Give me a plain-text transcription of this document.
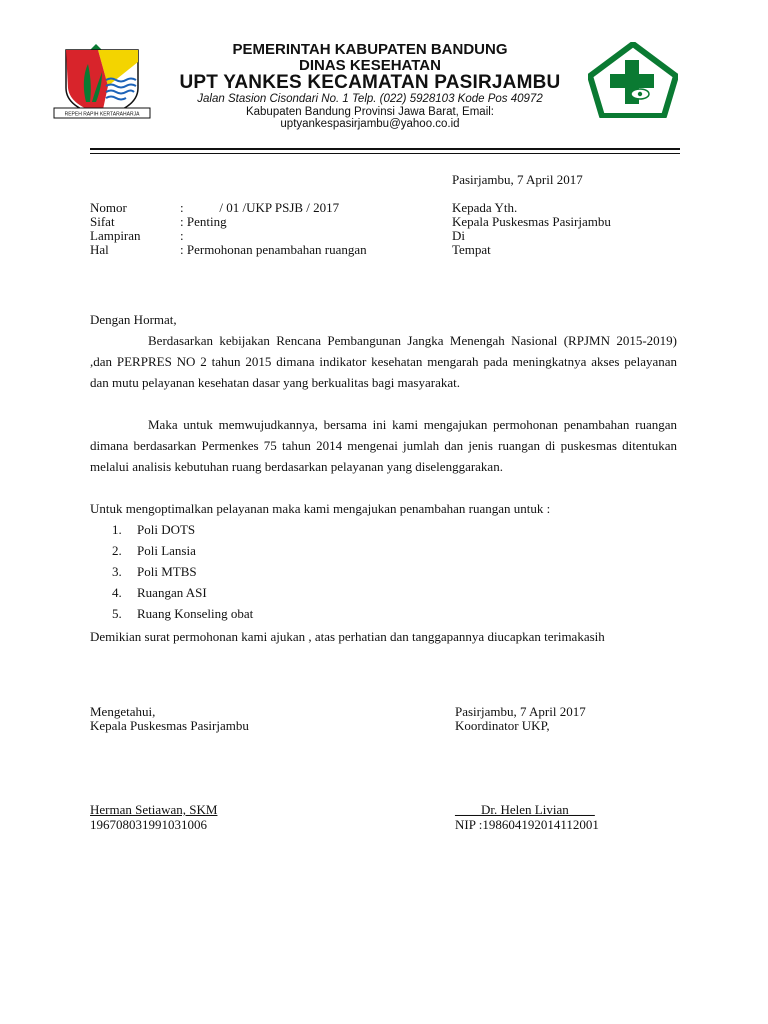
REPEH RAPIH KERTARAHARJA
PEMERINTAH KABUPATEN BANDUNG
DINAS KESEHATAN
UPT YANKES KECAMATAN PASIRJAMBU
Jalan Stasion Cisondari No. 1 Telp. (022) 5928103 Kode Pos 40972
Kabupaten Bandung Provinsi Jawa Barat, Email:
uptyankespasirjambu@yahoo.co.id
Pasirjambu, 7 April 2017
Nomor	:           / 01 /UKP PSJB / 2017
Sifat	: Penting
Lampiran	:
Hal	: Permohonan penambahan ruangan
Kepada Yth.
Kepala Puskesmas Pasirjambu
Di
Tempat
Dengan Hormat,
Berdasarkan kebijakan Rencana Pembangunan Jangka Menengah Nasional (RPJMN 2015-2019) ,dan PERPRES NO 2 tahun 2015 dimana indikator kesehatan mengarah pada meningkatnya akses pelayanan dan mutu pelayanan kesehatan dasar yang berkualitas bagi masyarakat.
Maka untuk memwujudkannya, bersama ini kami mengajukan permohonan penambahan ruangan dimana berdasarkan Permenkes 75 tahun 2014 mengenai jumlah dan jenis ruangan di puskesmas ditentukan melalui analisis kebutuhan ruang berdasarkan pelayanan yang diselenggarakan.
Untuk mengoptimalkan pelayanan maka kami mengajukan penambahan ruangan untuk :
1. Poli DOTS
2. Poli Lansia
3. Poli MTBS
4. Ruangan ASI
5. Ruang Konseling obat
Demikian surat permohonan kami ajukan , atas perhatian dan tanggapannya diucapkan terimakasih
Mengetahui,
Kepala Puskesmas Pasirjambu
Pasirjambu, 7 April 2017
Koordinator UKP,
Herman Setiawan, SKM
196708031991031006
____Dr. Helen Livian____
NIP :198604192014112001
